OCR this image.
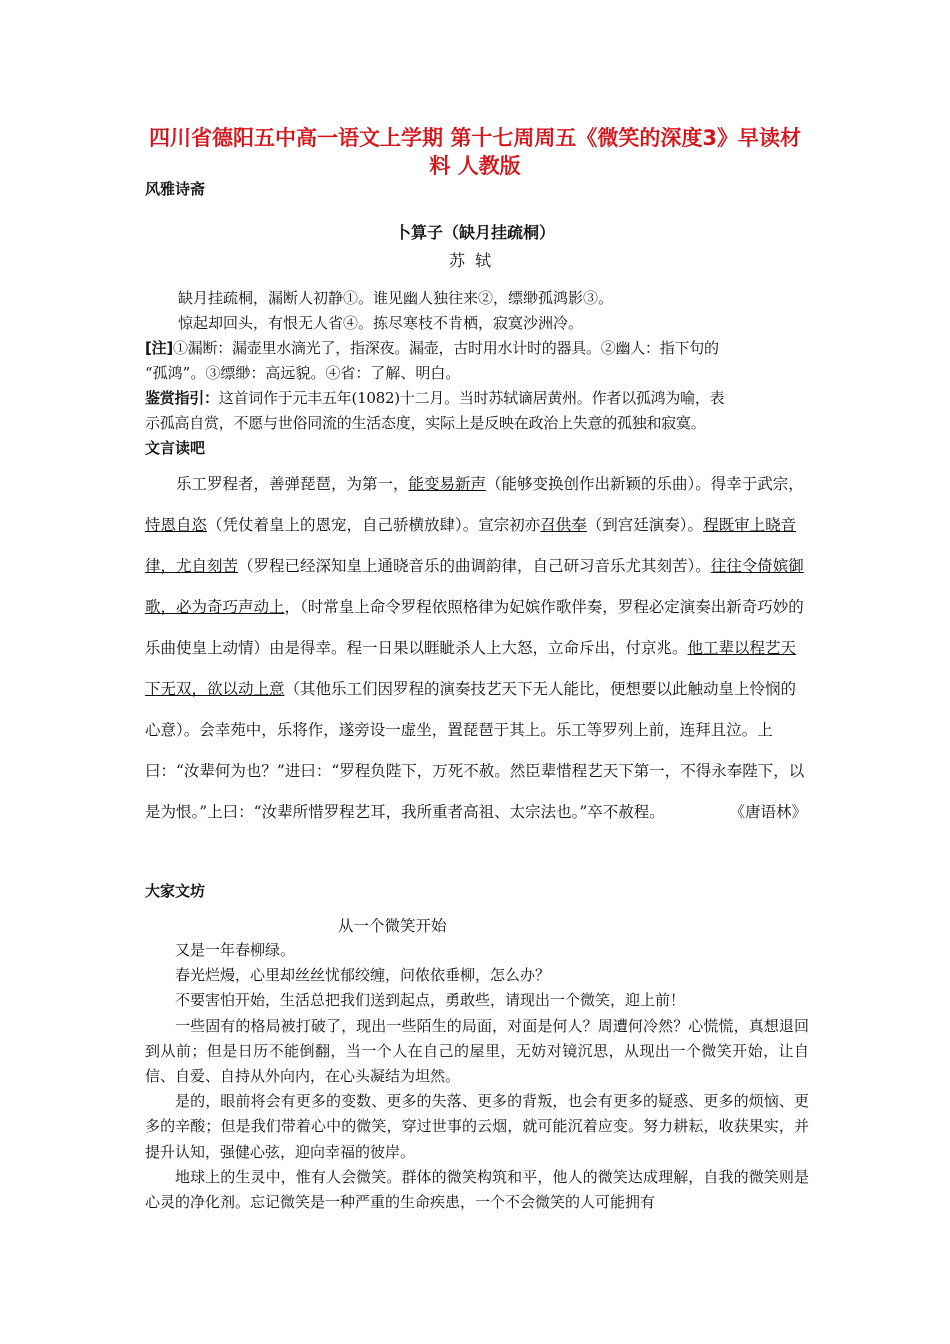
四川省德阳五中高一语文上学期 第十七周周五《微笑的深度3》早读材料 人教版
风雅诗斋
卜算子（缺月挂疏桐）
苏轼

缺月挂疏桐，漏断人初静①。谁见幽人独往来②，缥缈孤鸿影③。

惊起却回头，有恨无人省④。拣尽寒枝不肯栖，寂寞沙洲冷。

[注]①漏断：漏壶里水滴光了，指深夜。漏壶，古时用水计时的器具。②幽人：指下句的

“孤鸿”。③缥缈：高远貌。④省：了解、明白。

鉴赏指引：这首词作于元丰五年(1082)十二月。当时苏轼谪居黄州。作者以孤鸿为喻，表

示孤高自赏，不愿与世俗同流的生活态度，实际上是反映在政治上失意的孤独和寂寞。

文言读吧

乐工罗程者，善弹琵琶，为第一，能变易新声（能够变换创作出新颖的乐曲）。得幸于武宗，恃恩自恣（凭仗着皇上的恩宠，自己骄横放肆）。宣宗初亦召供奉（到宫廷演奏）。程既审上晓音律，尤自刻苦（罗程已经深知皇上通晓音乐的曲调韵律，自己研习音乐尤其刻苦）。往往令倚嫔御歌，必为奇巧声动上，（时常皇上命令罗程依照格律为妃嫔作歌伴奏，罗程必定演奏出新奇巧妙的乐曲使皇上动情）由是得幸。程一日果以睚眦杀人上大怒，立命斥出，付京兆。他工辈以程艺天下无双，欲以动上意（其他乐工们因罗程的演奏技艺天下无人能比，便想要以此触动皇上怜悯的心意）。会幸苑中，乐将作，遂旁设一虚坐，置琵琶于其上。乐工等罗列上前，连拜且泣。上曰：“汝辈何为也？”进曰：“罗程负陛下，万死不赦。然臣辈惜程艺天下第一，不得永奉陛下，以是为恨。”上曰：“汝辈所惜罗程艺耳，我所重者高祖、太宗法也。”卒不赦程。	《唐语林》

大家文坊
从一个微笑开始

又是一年春柳绿。

春光烂熳，心里却丝丝忧郁绞缠，问侬依垂柳，怎么办？

不要害怕开始，生活总把我们送到起点，勇敢些，请现出一个微笑，迎上前！

一些固有的格局被打破了，现出一些陌生的局面，对面是何人？周遭何冷然？心慌慌，真想退回到从前；但是日历不能倒翻，当一个人在自己的屋里，无妨对镜沉思，从现出一个微笑开始，让自信、自爱、自持从外向内，在心头凝结为坦然。

是的，眼前将会有更多的变数、更多的失落、更多的背叛，也会有更多的疑惑、更多的烦恼、更多的辛酸；但是我们带着心中的微笑，穿过世事的云烟，就可能沉着应变。努力耕耘，收获果实，并提升认知，强健心弦，迎向幸福的彼岸。

地球上的生灵中，惟有人会微笑。群体的微笑构筑和平，他人的微笑达成理解，自我的微笑则是心灵的净化剂。忘记微笑是一种严重的生命疾患，一个不会微笑的人可能拥有
